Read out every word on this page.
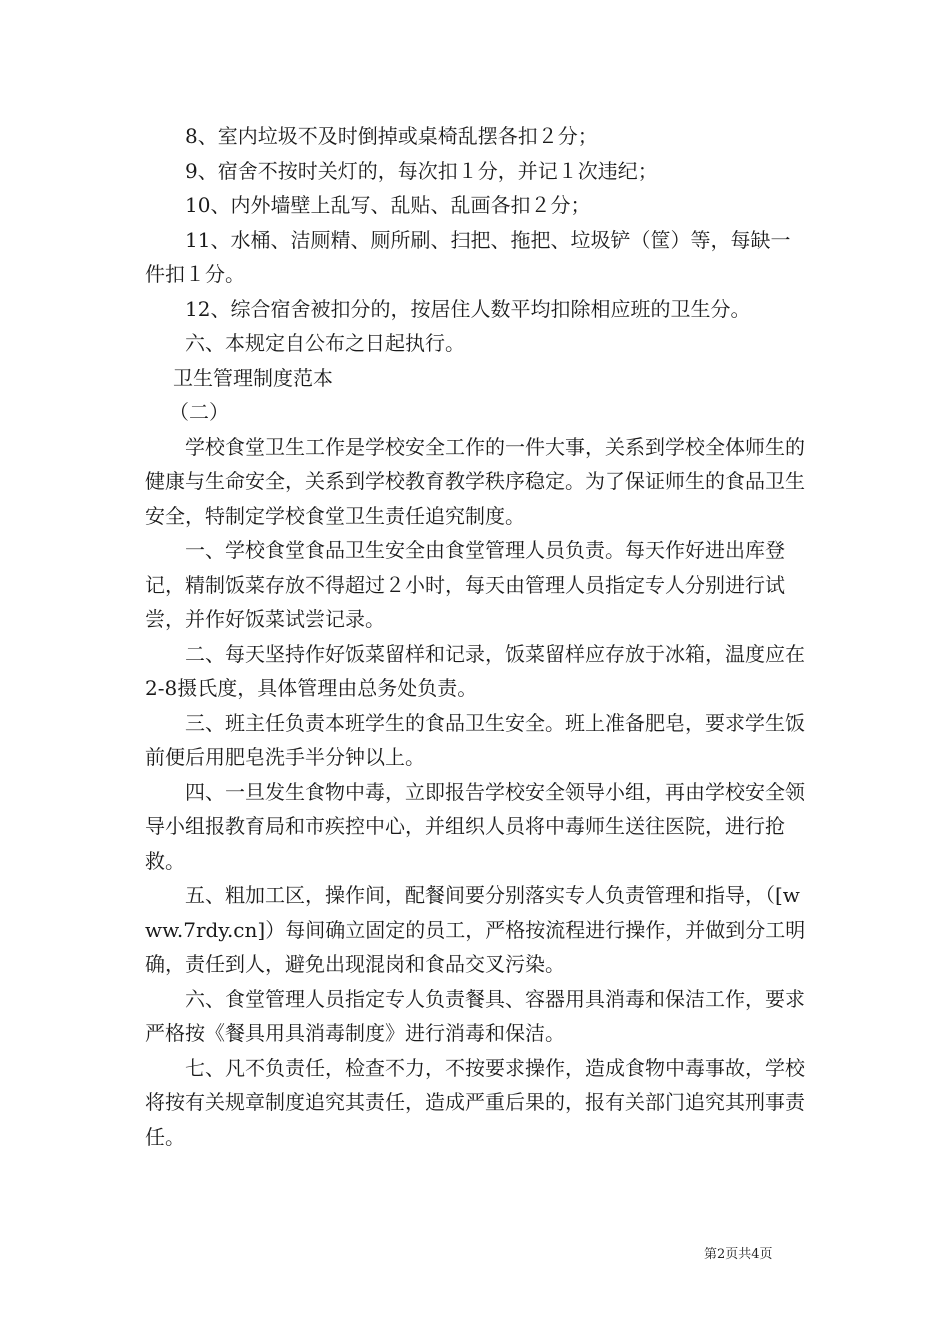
8、室内垃圾不及时倒掉或桌椅乱摆各扣２分；

9、宿舍不按时关灯的，每次扣１分，并记１次违纪；

10、内外墙壁上乱写、乱贴、乱画各扣２分；

11、水桶、洁厕精、厕所刷、扫把、拖把、垃圾铲（筐）等，每缺一件扣１分。

12、综合宿舍被扣分的，按居住人数平均扣除相应班的卫生分。

六、本规定自公布之日起执行。

卫生管理制度范本

（二）

学校食堂卫生工作是学校安全工作的一件大事，关系到学校全体师生的健康与生命安全，关系到学校教育教学秩序稳定。为了保证师生的食品卫生安全，特制定学校食堂卫生责任追究制度。

一、学校食堂食品卫生安全由食堂管理人员负责。每天作好进出库登记，精制饭菜存放不得超过２小时，每天由管理人员指定专人分别进行试尝，并作好饭菜试尝记录。

二、每天坚持作好饭菜留样和记录，饭菜留样应存放于冰箱，温度应在2-8摄氏度，具体管理由总务处负责。

三、班主任负责本班学生的食品卫生安全。班上准备肥皂，要求学生饭前便后用肥皂洗手半分钟以上。

四、一旦发生食物中毒，立即报告学校安全领导小组，再由学校安全领导小组报教育局和市疾控中心，并组织人员将中毒师生送往医院，进行抢救。

五、粗加工区，操作间，配餐间要分别落实专人负责管理和指导，（[www.7rdy.cn]）每间确立固定的员工，严格按流程进行操作，并做到分工明确，责任到人，避免出现混岗和食品交叉污染。

六、食堂管理人员指定专人负责餐具、容器用具消毒和保洁工作，要求严格按《餐具用具消毒制度》进行消毒和保洁。

七、凡不负责任，检查不力，不按要求操作，造成食物中毒事故，学校将按有关规章制度追究其责任，造成严重后果的，报有关部门追究其刑事责任。

第2页共4页
